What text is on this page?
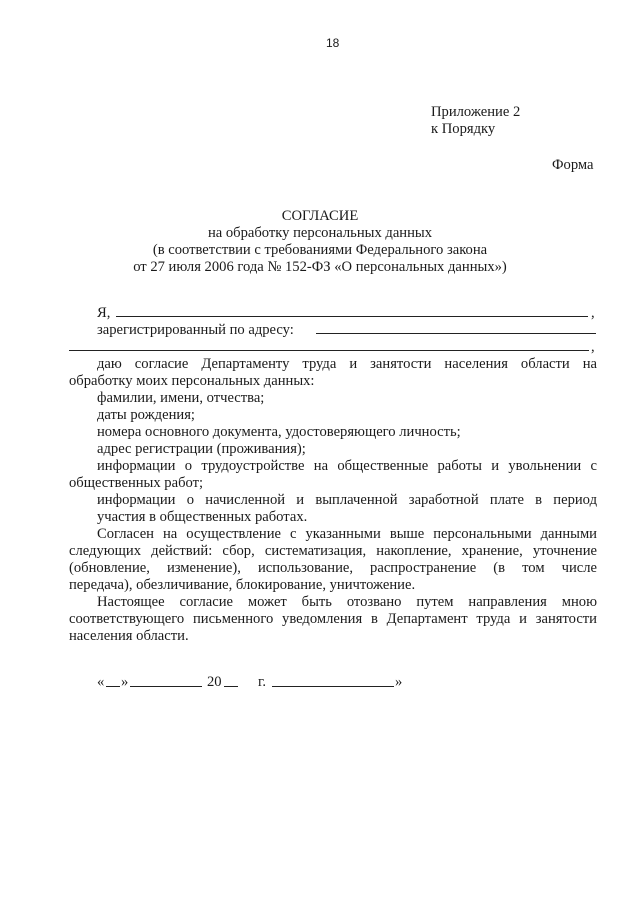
18
Приложение 2
к Порядку
Форма
СОГЛАСИЕ
на обработку персональных данных
(в соответствии с требованиями Федерального закона
от 27 июля 2006 года № 152-ФЗ «О персональных данных»)
Я,	,
зарегистрированный по адресу:
,
даю согласие Департаменту труда и занятости населения области на
обработку моих персональных данных:
фамилии, имени, отчества;
даты рождения;
номера основного документа, удостоверяющего личность;
адрес регистрации (проживания);
информации о трудоустройстве на общественные работы и увольнении с
общественных работ;
информации о начисленной и выплаченной заработной плате в период
участия в общественных работах.
Согласен на осуществление с указанными выше персональными данными
следующих действий: сбор, систематизация, накопление, хранение, уточнение
(обновление, изменение), использование, распространение (в том числе
передача), обезличивание, блокирование, уничтожение.
Настоящее согласие может быть отозвано путем направления мною
соответствующего письменного уведомления в Департамент труда и занятости
населения области.
« »	20 г.	»
